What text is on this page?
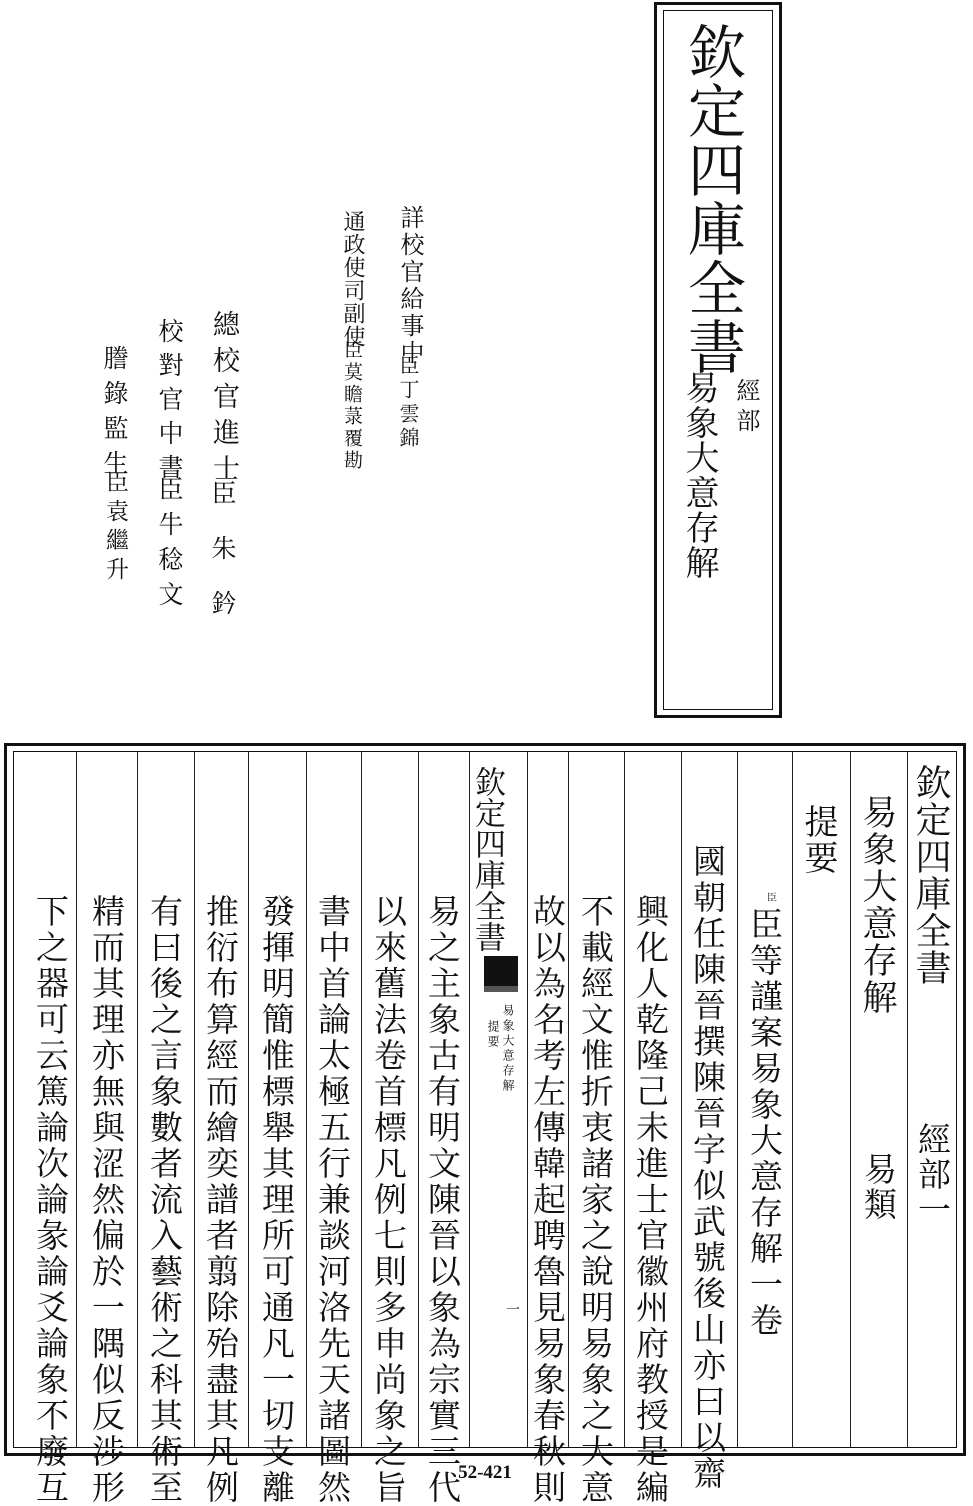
欽定四庫全書
經部
易象大意存解
詳校官給事中
臣丁雲錦
通政使司副使
臣莫瞻菉覆勘
總校官進士
臣朱鈐
校對官中書
臣牛稔文
謄錄監生
臣袁繼升
欽定四庫全書
經部一
易象大意存解
易類
提要
欽定四庫全書
易象大意存解
提要
一
臣
臣等謹案易象大意存解一卷
國朝任陳晉撰陳晉字似武號後山亦曰以齋
興化人乾隆己未進士官徽州府教授是編
不載經文惟折衷諸家之說明易象之大意
故以為名考左傳韓起聘魯見易象春秋則
易之主象古有明文陳晉以象為宗實三代
以來舊法卷首標凡例七則多申尚象之旨
書中首論太極五行兼談河洛先天諸圖然
發揮明簡惟標舉其理所可通凡一切支離
推衍布算經而繪奕譜者翦除殆盡其凡例
有曰後之言象數者流入藝術之科其術至
精而其理亦無與涩然偏於一隅似反涉形
下之器可云篤論次論彖論爻論象不廢互	52-421
